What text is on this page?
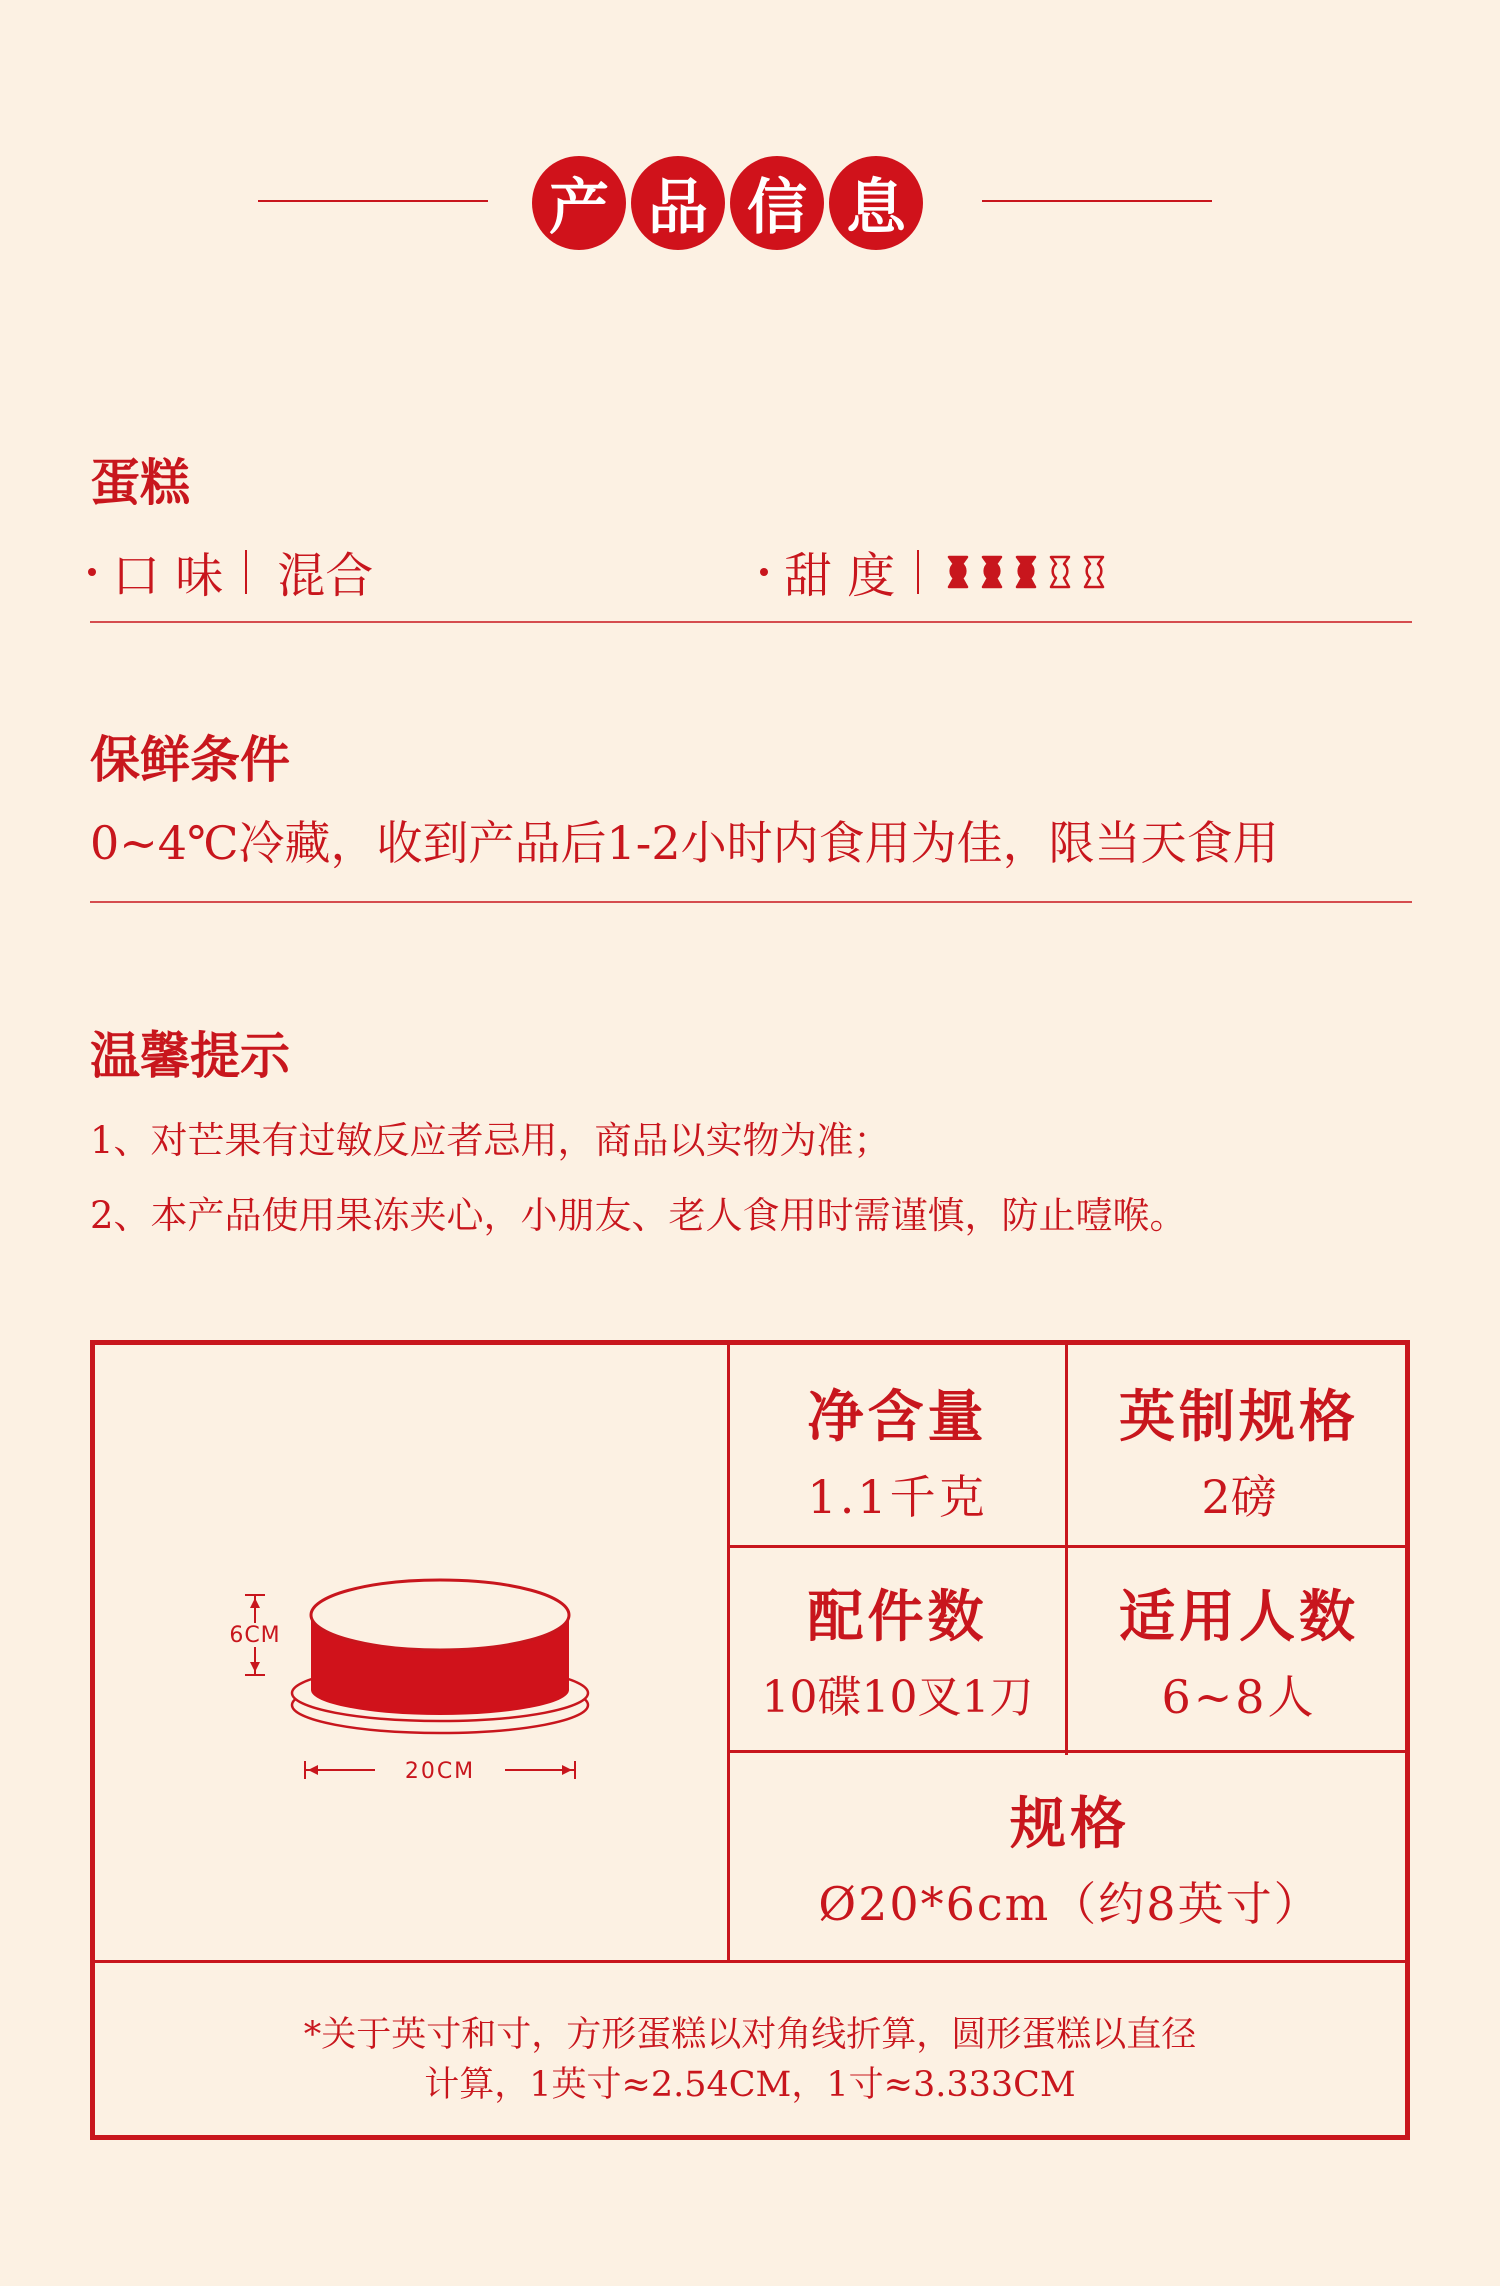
产 品 信 息
蛋糕
口 味 混合	甜 度
保鲜条件
0~4℃冷藏，收到产品后1-2小时内食用为佳，限当天食用
温馨提示
1、对芒果有过敏反应者忌用，商品以实物为准；
2、本产品使用果冻夹心，小朋友、老人食用时需谨慎，防止噎喉。
6CM
20CM
净含量
1.1千克
英制规格
2磅
配件数
10碟10叉1刀
适用人数
6~8人
规格
Ø20*6cm（约8英寸）
*关于英寸和寸，方形蛋糕以对角线折算，圆形蛋糕以直径
计算，1英寸≈2.54CM，1寸≈3.333CM
